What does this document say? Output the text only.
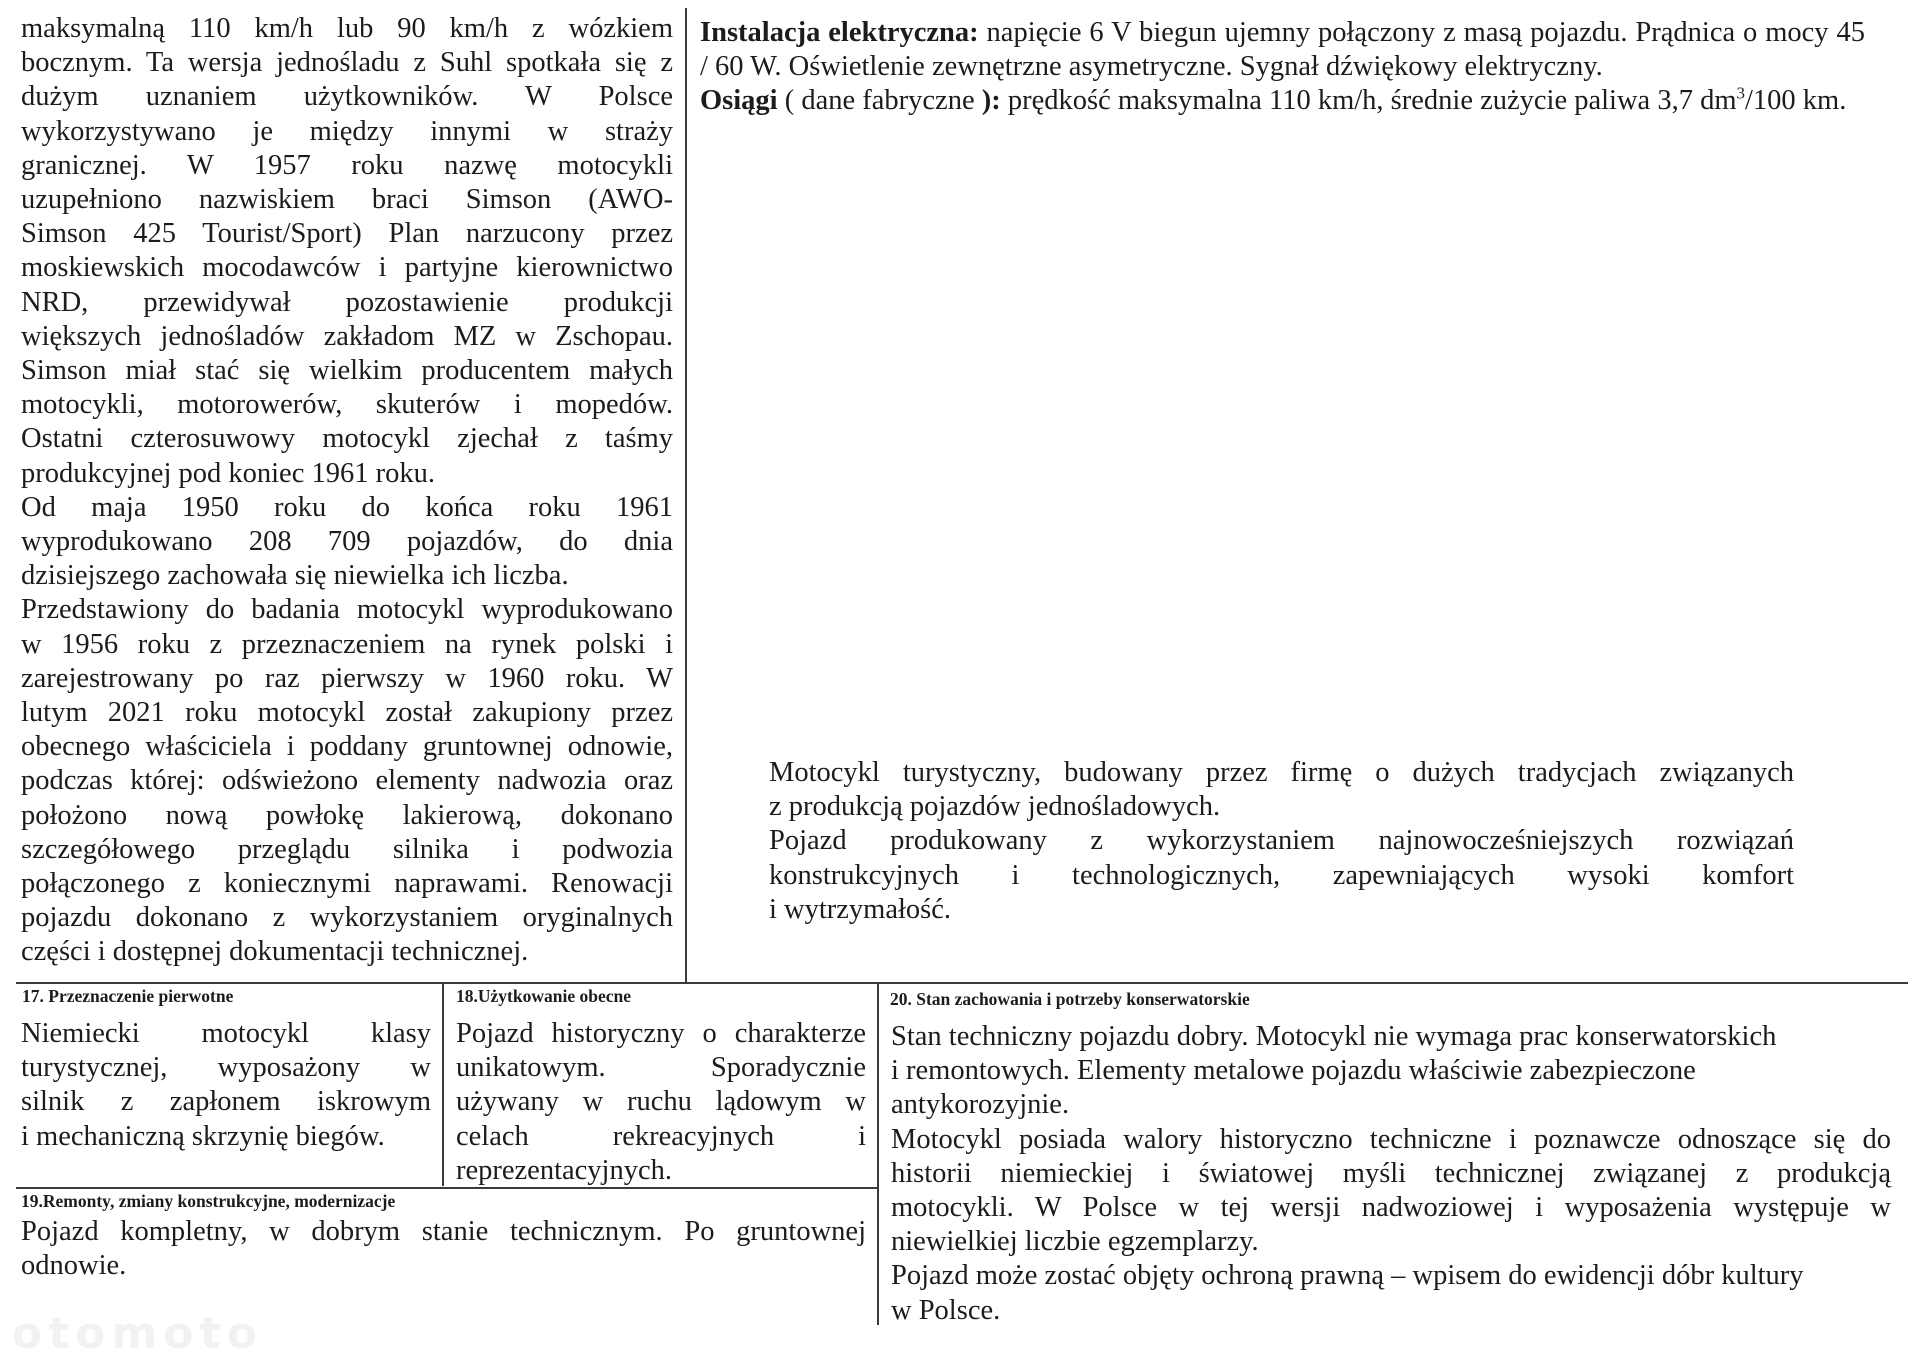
maksymalną 110 km/h lub 90 km/h z wózkiem

bocznym. Ta wersja jednośladu z Suhl spotkała się z

dużym uznaniem użytkowników. W Polsce

wykorzystywano je między innymi w straży

granicznej. W 1957 roku nazwę motocykli

uzupełniono nazwiskiem braci Simson (AWO-

Simson 425 Tourist/Sport) Plan narzucony przez

moskiewskich mocodawców i partyjne kierownictwo

NRD, przewidywał pozostawienie produkcji

większych jednośladów zakładom MZ w Zschopau.

Simson miał stać się wielkim producentem małych

motocykli, motorowerów, skuterów i mopedów.

Ostatni czterosuwowy motocykl zjechał z taśmy

produkcyjnej pod koniec 1961 roku.

Od maja 1950 roku do końca roku 1961

wyprodukowano 208 709 pojazdów, do dnia

dzisiejszego zachowała się niewielka ich liczba.

Przedstawiony do badania motocykl wyprodukowano

w 1956 roku z przeznaczeniem na rynek polski i

zarejestrowany po raz pierwszy w 1960 roku. W

lutym 2021 roku motocykl został zakupiony przez

obecnego właściciela i poddany gruntownej odnowie,

podczas której: odświeżono elementy nadwozia oraz

położono nową powłokę lakierową, dokonano

szczegółowego przeglądu silnika i podwozia

połączonego z koniecznymi naprawami. Renowacji

pojazdu dokonano z wykorzystaniem oryginalnych

części i dostępnej dokumentacji technicznej.

Instalacja elektryczna: napięcie 6 V biegun ujemny połączony z masą pojazdu. Prądnica o mocy 45 / 60 W. Oświetlenie zewnętrzne asymetryczne. Sygnał dźwiękowy elektryczny.

Osiągi ( dane fabryczne ): prędkość maksymalna 110 km/h, średnie zużycie paliwa 3,7 $dm^3/100$ km.

Motocykl turystyczny, budowany przez firmę o dużych tradycjach związanych

z produkcją pojazdów jednośladowych.

Pojazd produkowany z wykorzystaniem najnowocześniejszych rozwiązań

konstrukcyjnych i technologicznych, zapewniających wysoki komfort

i wytrzymałość.

17. Przeznaczenie pierwotne

Niemiecki motocykl klasy

turystycznej, wyposażony w

silnik z zapłonem iskrowym

i mechaniczną skrzynię biegów.

18.Użytkowanie obecne

Pojazd historyczny o charakterze

unikatowym. Sporadycznie

używany w ruchu lądowym w

celach rekreacyjnych i

reprezentacyjnych.

19.Remonty, zmiany konstrukcyjne, modernizacje

Pojazd kompletny, w dobrym stanie technicznym. Po gruntownej

odnowie.

20. Stan zachowania i potrzeby konserwatorskie

Stan techniczny pojazdu dobry. Motocykl nie wymaga prac konserwatorskich

i remontowych. Elementy metalowe pojazdu właściwie zabezpieczone

antykorozyjnie.

Motocykl posiada walory historyczno techniczne i poznawcze odnoszące się do

historii niemieckiej i światowej myśli technicznej związanej z produkcją

motocykli. W Polsce w tej wersji nadwoziowej i wyposażenia występuje w

niewielkiej liczbie egzemplarzy.

Pojazd może zostać objęty ochroną prawną – wpisem do ewidencji dóbr kultury

w Polsce.

otomoto
